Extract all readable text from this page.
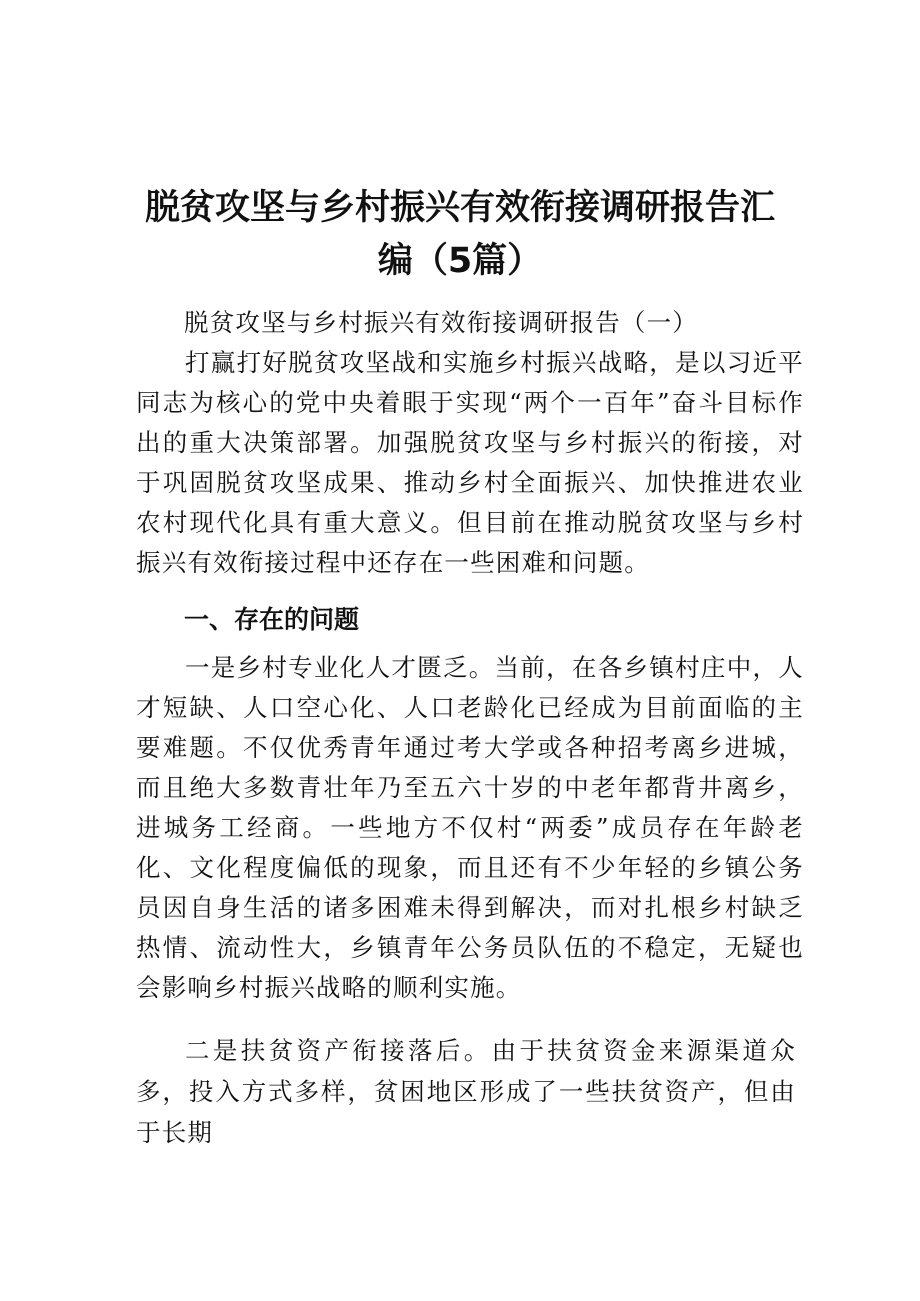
脱贫攻坚与乡村振兴有效衔接调研报告汇
编（5篇）
脱贫攻坚与乡村振兴有效衔接调研报告（一）

打赢打好脱贫攻坚战和实施乡村振兴战略，是以习近平同志为核心的党中央着眼于实现“两个一百年”奋斗目标作出的重大决策部署。加强脱贫攻坚与乡村振兴的衔接，对于巩固脱贫攻坚成果、推动乡村全面振兴、加快推进农业农村现代化具有重大意义。但目前在推动脱贫攻坚与乡村振兴有效衔接过程中还存在一些困难和问题。

一、存在的问题

一是乡村专业化人才匮乏。当前，在各乡镇村庄中，人才短缺、人口空心化、人口老龄化已经成为目前面临的主要难题。不仅优秀青年通过考大学或各种招考离乡进城，而且绝大多数青壮年乃至五六十岁的中老年都背井离乡，进城务工经商。一些地方不仅村“两委”成员存在年龄老化、文化程度偏低的现象，而且还有不少年轻的乡镇公务员因自身生活的诸多困难未得到解决，而对扎根乡村缺乏热情、流动性大，乡镇青年公务员队伍的不稳定，无疑也会影响乡村振兴战略的顺利实施。

二是扶贫资产衔接落后。由于扶贫资金来源渠道众多，投入方式多样，贫困地区形成了一些扶贫资产，但由于长期
